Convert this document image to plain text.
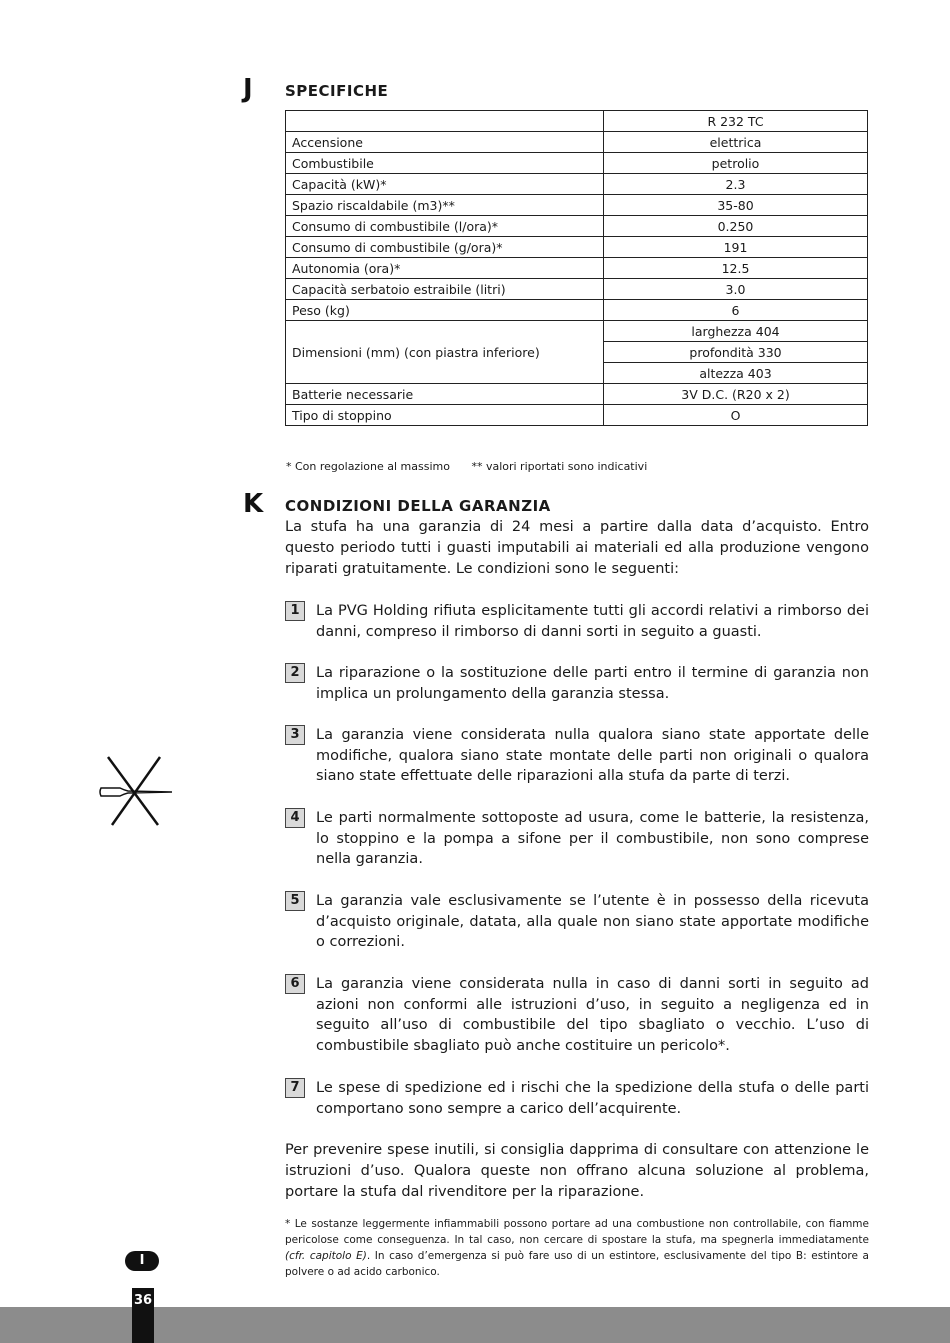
J SPECIFICHE
	R 232 TC
Accensione	elettrica
Combustibile	petrolio
Capacità (kW)*	2.3
Spazio riscaldabile (m3)**	35-80
Consumo di combustibile (l/ora)*	0.250
Consumo di combustibile (g/ora)*	191
Autonomia (ora)*	12.5
Capacità serbatoio estraibile (litri)	3.0
Peso (kg)	6
Dimensioni (mm) (con piastra inferiore)	larghezza 404
	profondità 330
	altezza 403
Batterie necessarie	3V D.C. (R20 x 2)
Tipo di stoppino	O
* Con regolazione al massimo ** valori riportati sono indicativi
K CONDIZIONI DELLA GARANZIA
La stufa ha una garanzia di 24 mesi a partire dalla data d’acquisto. Entro questo periodo tutti i guasti imputabili ai materiali ed alla produzione vengono riparati gratuitamente. Le condizioni sono le seguenti:
1	La PVG Holding rifiuta esplicitamente tutti gli accordi relativi a rimborso dei danni, compreso il rimborso di danni sorti in seguito a guasti.
2	La riparazione o la sostituzione delle parti entro il termine di garanzia non implica un prolungamento della garanzia stessa.
3	La garanzia viene considerata nulla qualora siano state apportate delle modifiche, qualora siano state montate delle parti non originali o qualora siano state effettuate delle riparazioni alla stufa da parte di terzi.
4	Le parti normalmente sottoposte ad usura, come le batterie, la resistenza, lo stoppino e la pompa a sifone per il combustibile, non sono comprese nella garanzia.
5	La garanzia vale esclusivamente se l’utente è in possesso della ricevuta d’acquisto originale, datata, alla quale non siano state apportate modifiche o correzioni.
6	La garanzia viene considerata nulla in caso di danni sorti in seguito ad azioni non conformi alle istruzioni d’uso, in seguito a negligenza ed in seguito all’uso di combustibile del tipo sbagliato o vecchio. L’uso di combustibile sbagliato può anche costituire un pericolo*.
7	Le spese di spedizione ed i rischi che la spedizione della stufa o delle parti comportano sono sempre a carico dell’acquirente.
Per prevenire spese inutili, si consiglia dapprima di consultare con attenzione le istruzioni d’uso. Qualora queste non offrano alcuna soluzione al problema, portare la stufa dal rivenditore per la riparazione.
* Le sostanze leggermente infiammabili possono portare ad una combustione non controllabile, con fiamme pericolose come conseguenza. In tal caso, non cercare di spostare la stufa, ma spegnerla immediatamente (cfr. capitolo E). In caso d’emergenza si può fare uso di un estintore, esclusivamente del tipo B: estintore a polvere o ad acido carbonico.
I
36
